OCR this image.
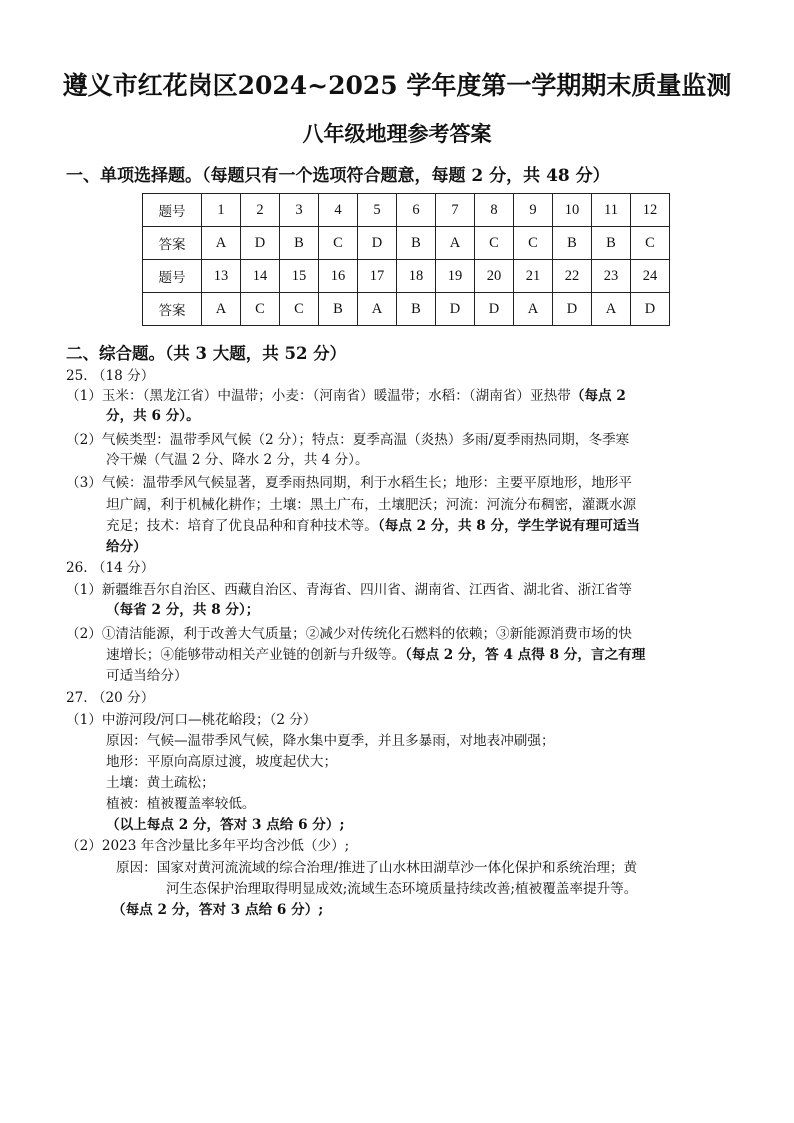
遵义市红花岗区2024~2025 学年度第一学期期末质量监测
八年级地理参考答案
一、单项选择题。（每题只有一个选项符合题意，每题 2 分，共 48 分）
题号	1	2	3	4	5	6	7	8	9	10	11	12
答案	A	D	B	C	D	B	A	C	C	B	B	C
题号	13	14	15	16	17	18	19	20	21	22	23	24
答案	A	C	C	B	A	B	D	D	A	D	A	D
二、综合题。（共 3 大题，共 52 分）
25. （18 分）
（1）玉米：（黑龙江省）中温带；小麦：（河南省）暖温带；水稻：（湖南省）亚热带（每点 2
分，共 6 分）。
（2）气候类型：温带季风气候（2 分）；特点：夏季高温（炎热）多雨/夏季雨热同期，冬季寒
冷干燥（气温 2 分、降水 2 分，共 4 分）。
（3）气候：温带季风气候显著，夏季雨热同期，利于水稻生长；地形：主要平原地形，地形平
坦广阔，利于机械化耕作；土壤：黑土广布，土壤肥沃；河流：河流分布稠密，灌溉水源
充足；技术：培育了优良品种和育种技术等。（每点 2 分，共 8 分，学生学说有理可适当
给分）
26. （14 分）
（1）新疆维吾尔自治区、西藏自治区、青海省、四川省、湖南省、江西省、湖北省、浙江省等
（每省 2 分，共 8 分）；
（2）①清洁能源，利于改善大气质量；②减少对传统化石燃料的依赖；③新能源消费市场的快
速增长；④能够带动相关产业链的创新与升级等。（每点 2 分，答 4 点得 8 分，言之有理
可适当给分）
27. （20 分）
（1）中游河段/河口—桃花峪段；（2 分）
原因：气候—温带季风气候，降水集中夏季，并且多暴雨，对地表冲刷强；
地形：平原向高原过渡，坡度起伏大；
土壤：黄土疏松；
植被：植被覆盖率较低。
（以上每点 2 分，答对 3 点给 6 分）;
（2）2023 年含沙量比多年平均含沙低（少）;
原因：国家对黄河流流域的综合治理/推进了山水林田湖草沙一体化保护和系统治理；黄
河生态保护治理取得明显成效;流域生态环境质量持续改善;植被覆盖率提升等。
（每点 2 分，答对 3 点给 6 分）;
